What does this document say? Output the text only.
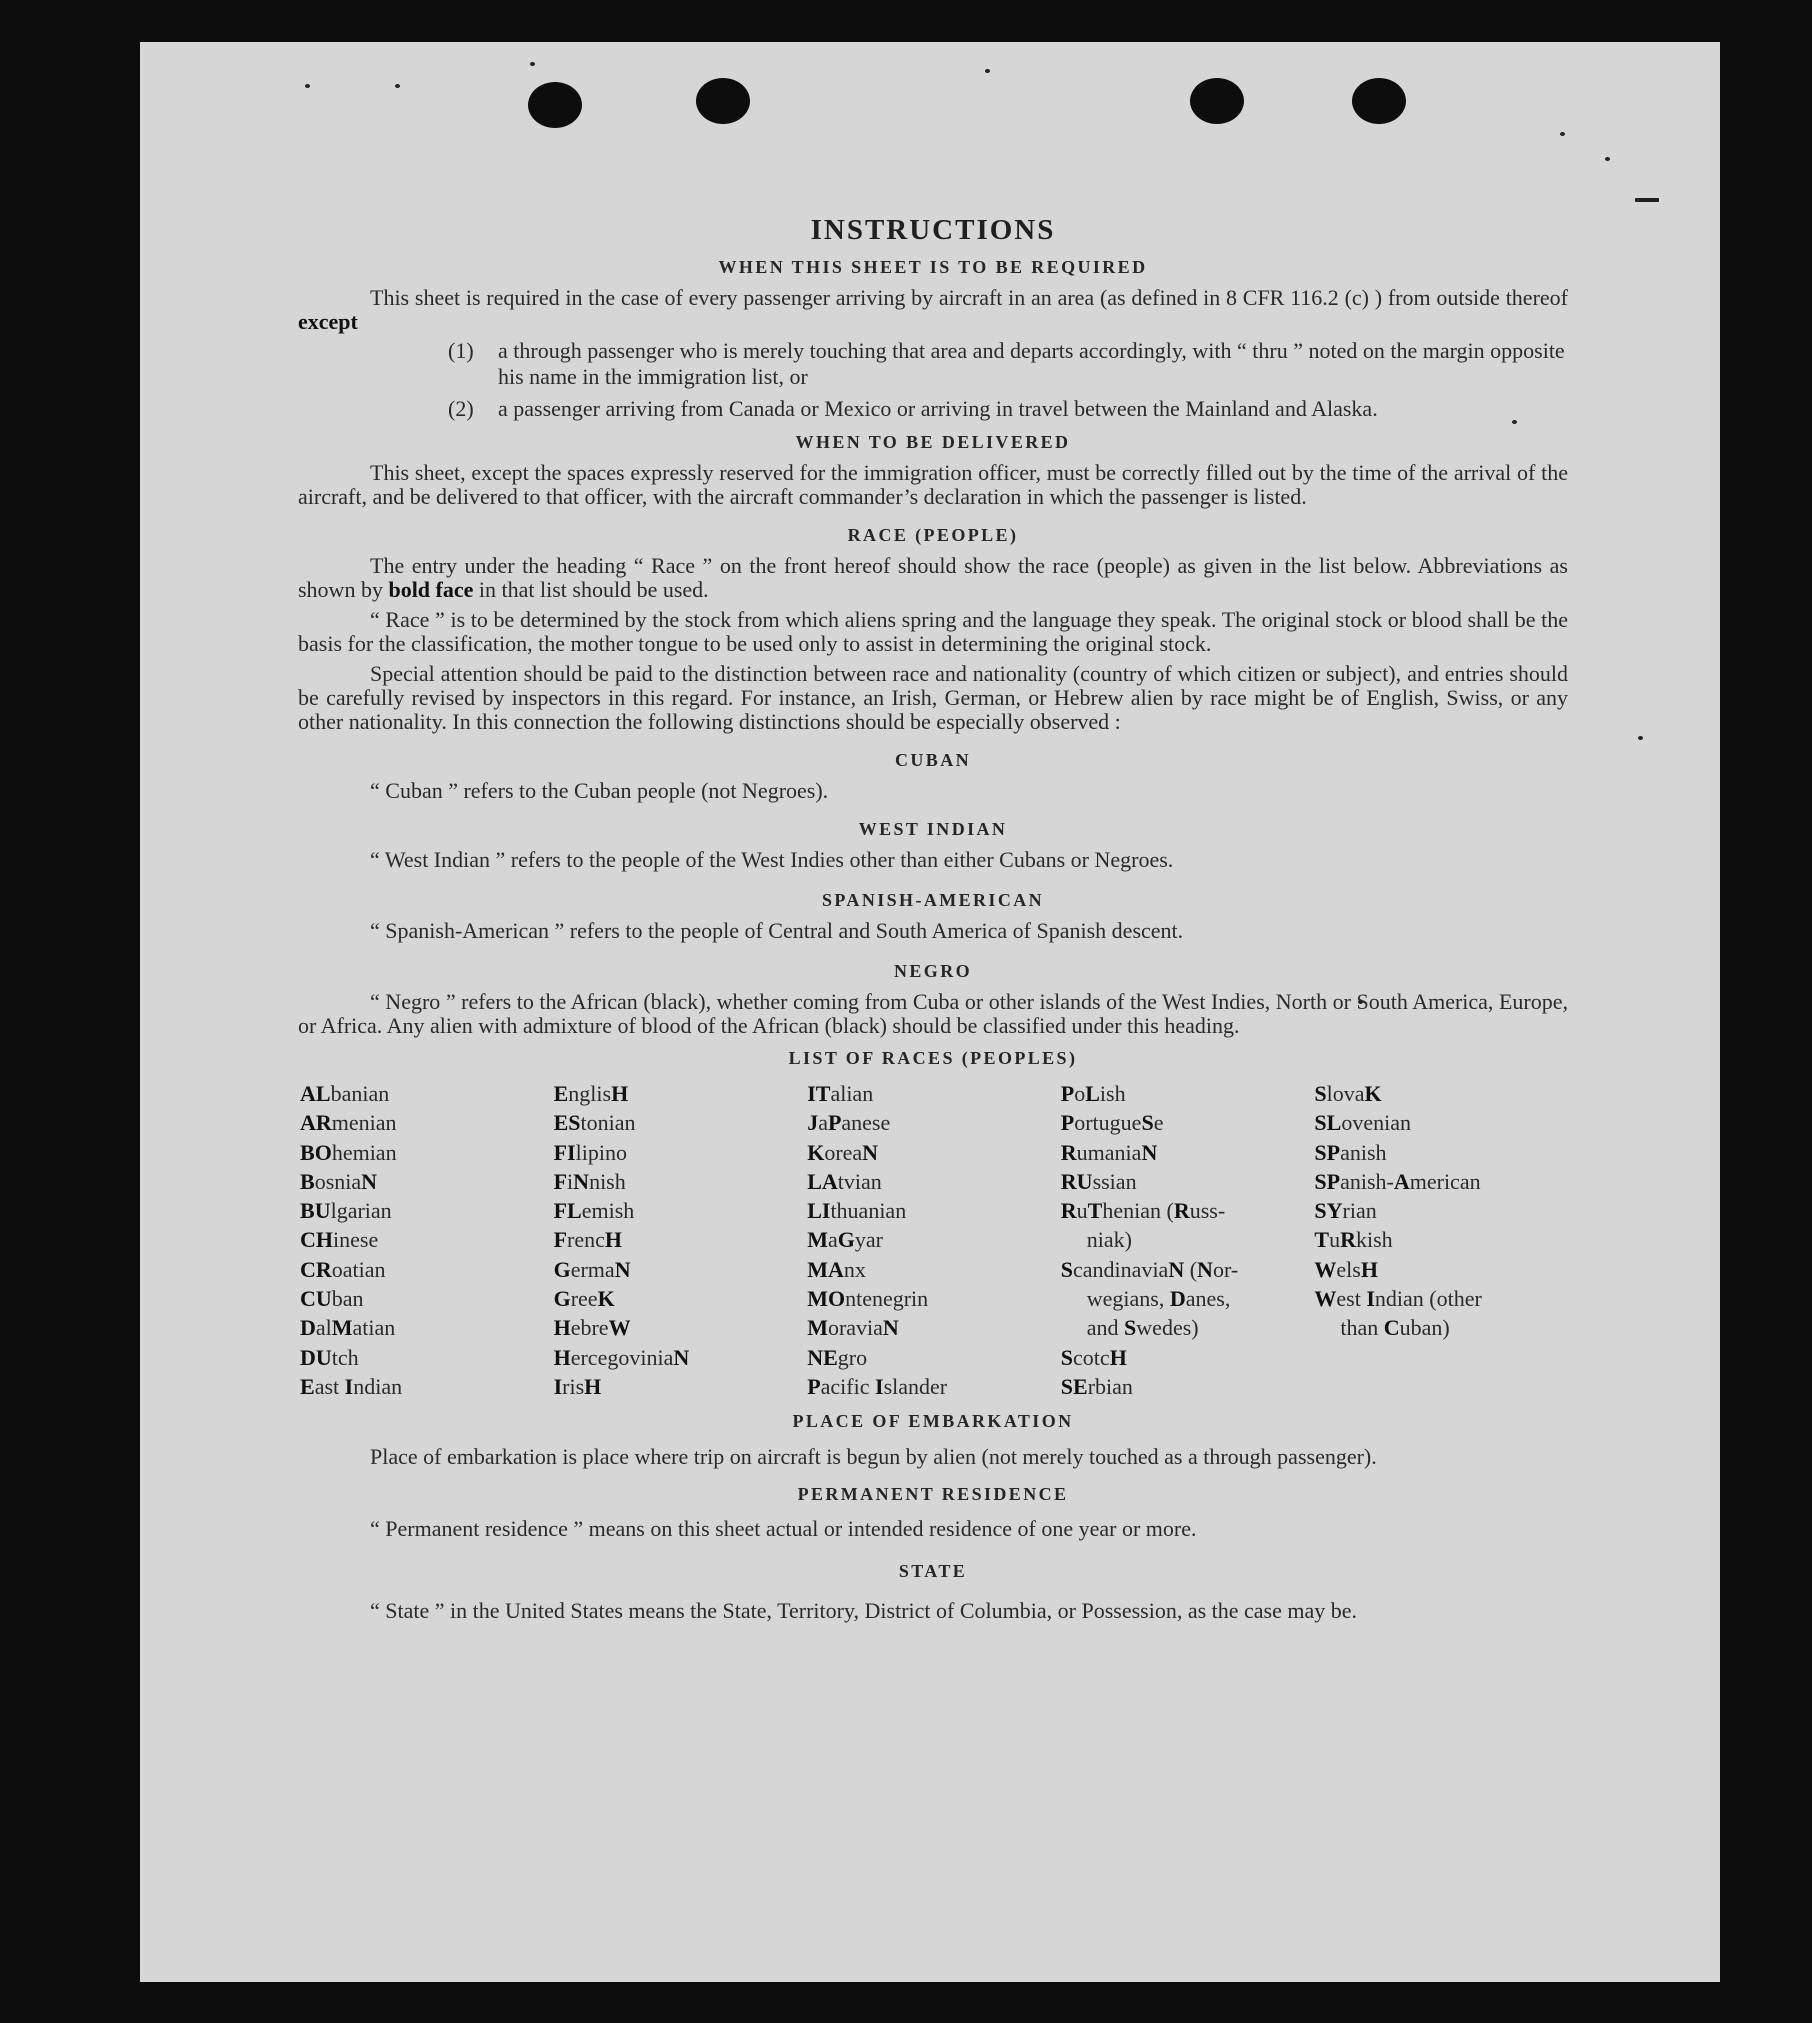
INSTRUCTIONS
WHEN THIS SHEET IS TO BE REQUIRED

This sheet is required in the case of every passenger arriving by aircraft in an area (as defined in 8 CFR 116.2 (c) ) from outside thereof except

(1)	a through passenger who is merely touching that area and departs accordingly, with “ thru ” noted on the margin opposite his name in the immigration list, or
(2)	a passenger arriving from Canada or Mexico or arriving in travel between the Mainland and Alaska.
WHEN TO BE DELIVERED

This sheet, except the spaces expressly reserved for the immigration officer, must be correctly filled out by the time of the arrival of the aircraft, and be delivered to that officer, with the aircraft commander’s declaration in which the passenger is listed.

RACE (PEOPLE)

The entry under the heading “ Race ” on the front hereof should show the race (people) as given in the list below. Abbreviations as shown by bold face in that list should be used.

“ Race ” is to be determined by the stock from which aliens spring and the language they speak. The original stock or blood shall be the basis for the classification, the mother tongue to be used only to assist in determining the original stock.

Special attention should be paid to the distinction between race and nationality (country of which citizen or subject), and entries should be carefully revised by inspectors in this regard. For instance, an Irish, German, or Hebrew alien by race might be of English, Swiss, or any other nationality. In this connection the following distinctions should be especially observed :

CUBAN

“ Cuban ” refers to the Cuban people (not Negroes).

WEST INDIAN

“ West Indian ” refers to the people of the West Indies other than either Cubans or Negroes.

SPANISH-AMERICAN

“ Spanish-American ” refers to the people of Central and South America of Spanish descent.

NEGRO

“ Negro ” refers to the African (black), whether coming from Cuba or other islands of the West Indies, North or South America, Europe, or Africa. Any alien with admixture of blood of the African (black) should be classified under this heading.

LIST OF RACES (PEOPLES)
ALbanian
ARmenian
BOhemian
BosniaN
BUlgarian
CHinese
CRoatian
CUban
DalMatian
DUtch
East Indian
EnglisH
EStonian
FIlipino
FiNnish
FLemish
FrencH
GermaN
GreeK
HebreW
HercegoviniaN
IrisH
ITalian
JaPanese
KoreaN
LAtvian
LIthuanian
MaGyar
MAnx
MOntenegrin
MoraviaN
NEgro
Pacific Islander
PoLish
PortugueSe
RumaniaN
RUssian
RuThenian (Russ-
niak)
ScandinaviaN (Nor-
wegians, Danes,
and Swedes)
ScotcH
SErbian
SlovaK
SLovenian
SPanish
SPanish-American
SYrian
TuRkish
WelsH
West Indian (other
than Cuban)
PLACE OF EMBARKATION

Place of embarkation is place where trip on aircraft is begun by alien (not merely touched as a through passenger).

PERMANENT RESIDENCE

“ Permanent residence ” means on this sheet actual or intended residence of one year or more.

STATE

“ State ” in the United States means the State, Territory, District of Columbia, or Possession, as the case may be.
